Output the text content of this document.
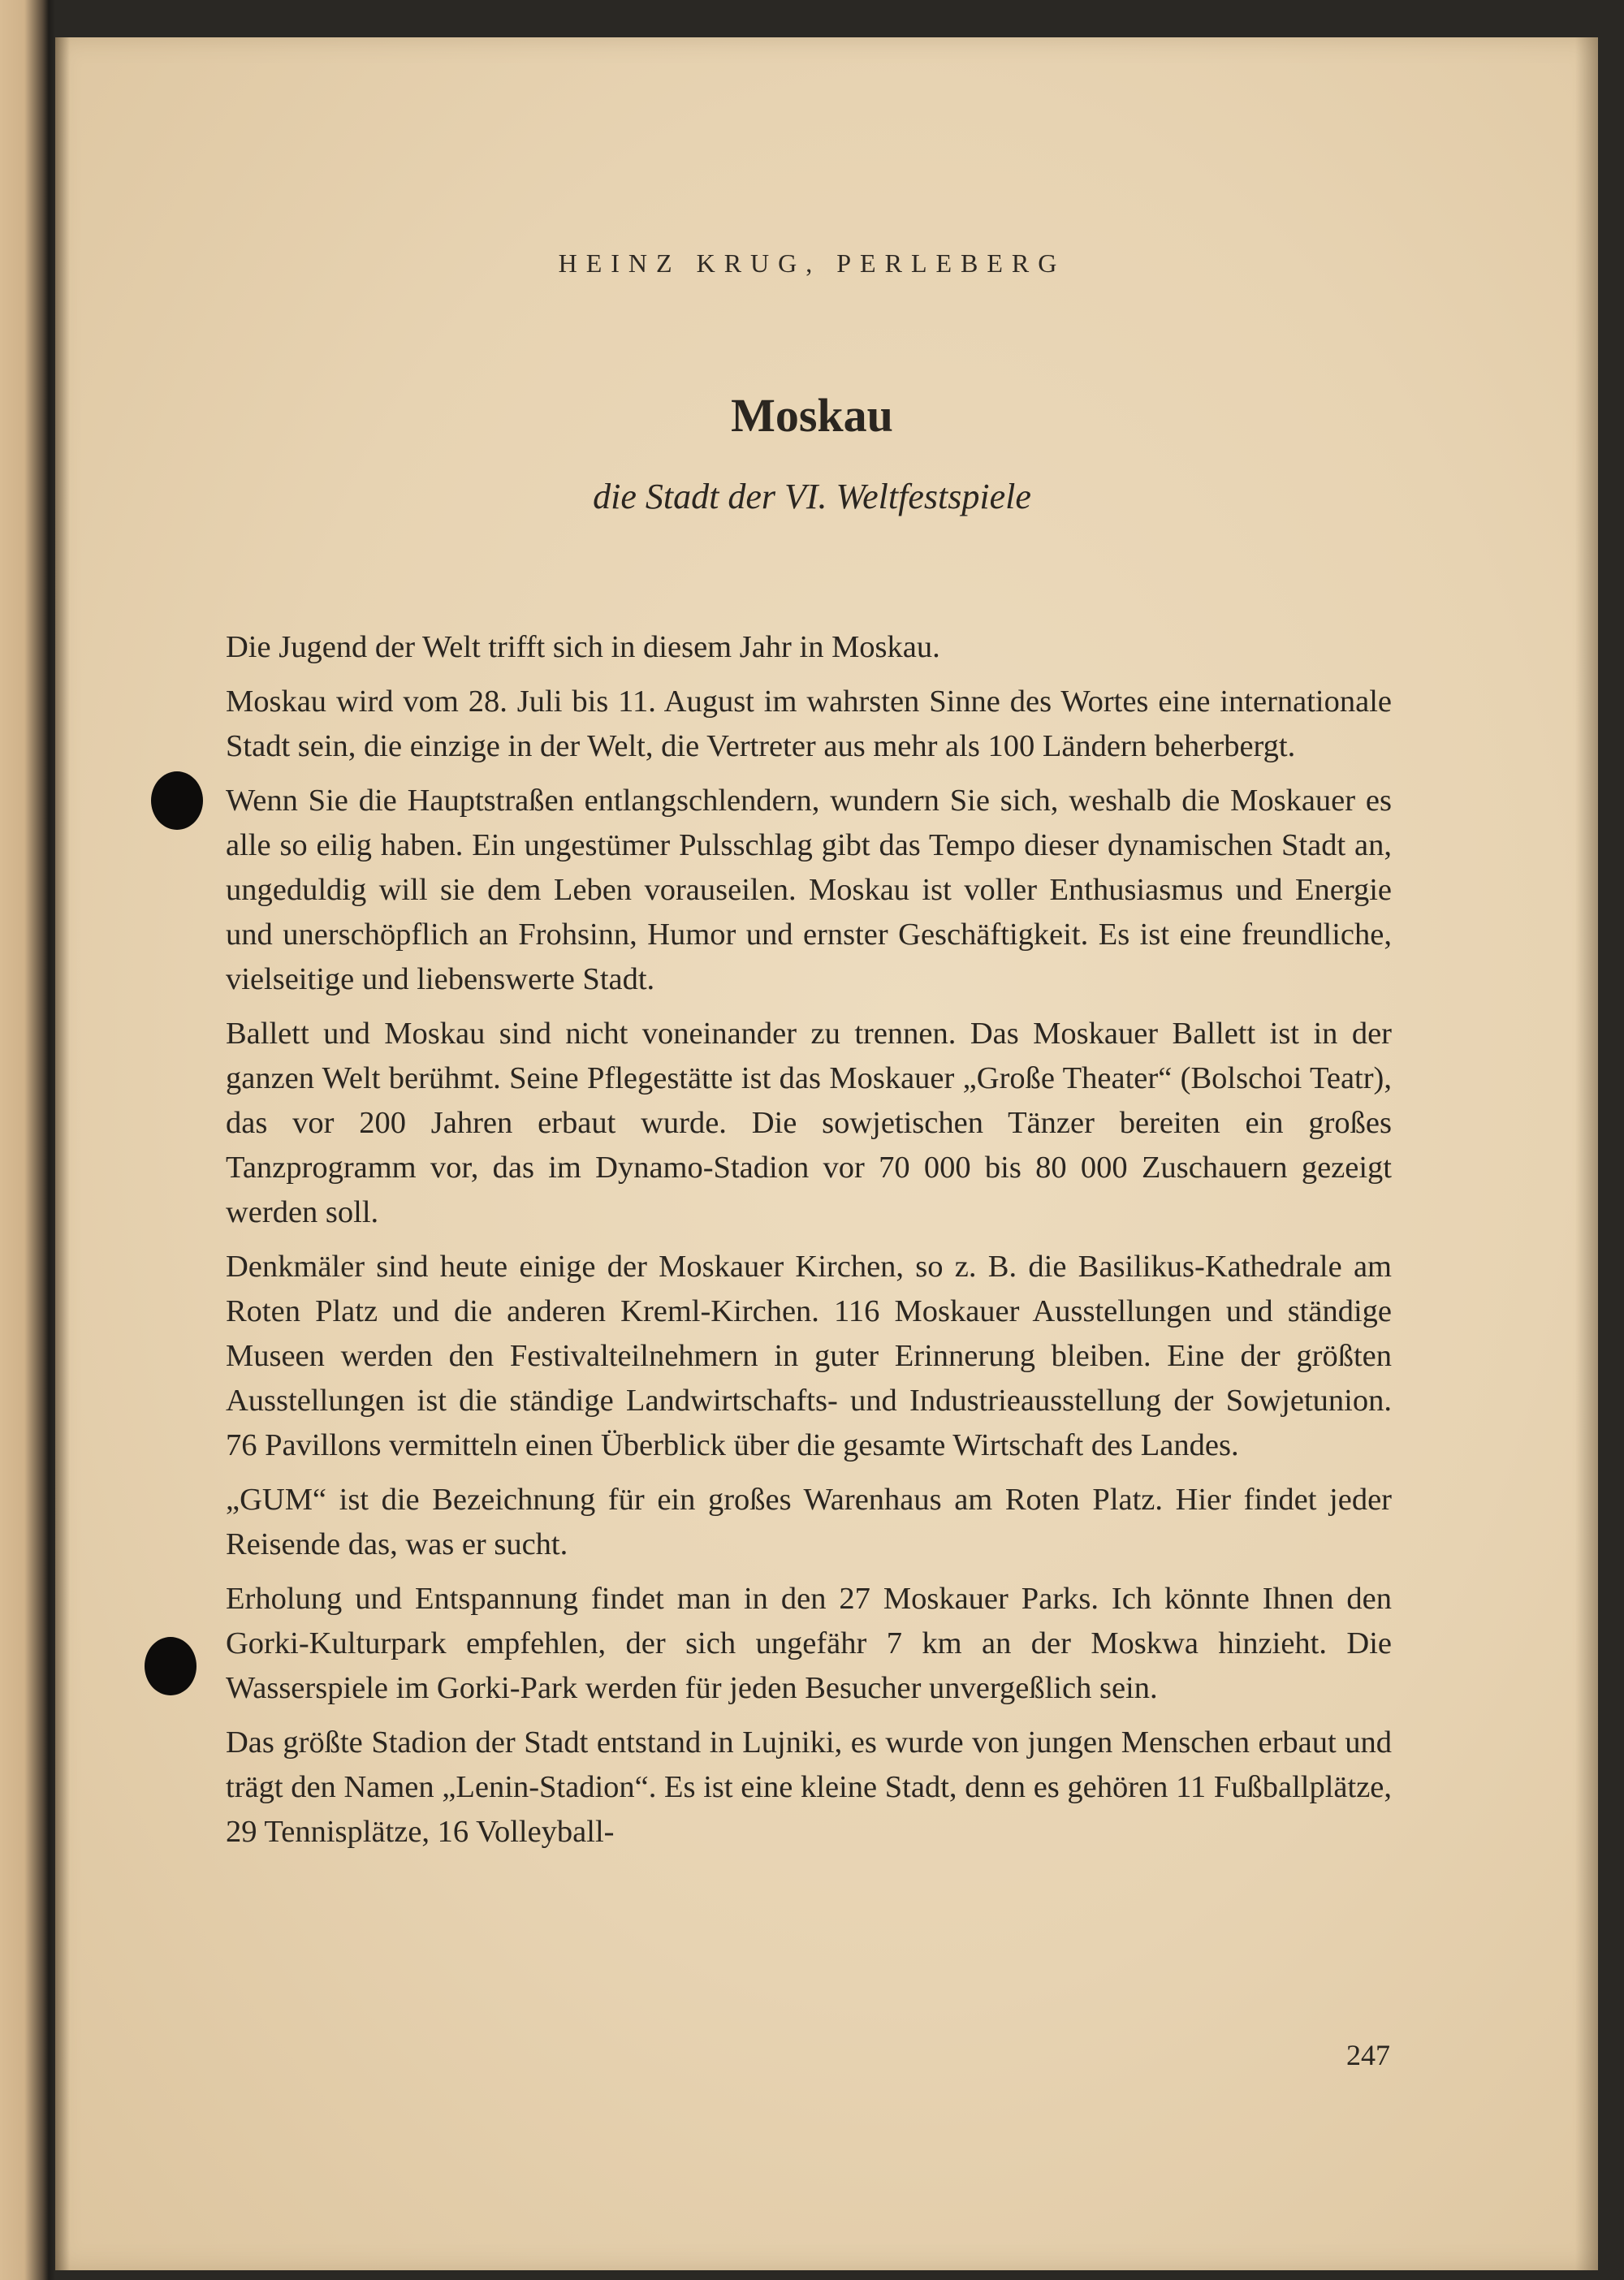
HEINZ KRUG, PERLEBERG
Moskau
die Stadt der VI. Weltfestspiele

Die Jugend der Welt trifft sich in diesem Jahr in Moskau.

Moskau wird vom 28. Juli bis 11. August im wahrsten Sinne des Wortes eine internationale Stadt sein, die einzige in der Welt, die Vertreter aus mehr als 100 Ländern beherbergt.

Wenn Sie die Hauptstraßen entlangschlendern, wundern Sie sich, weshalb die Moskauer es alle so eilig haben. Ein ungestümer Pulsschlag gibt das Tempo dieser dynamischen Stadt an, ungeduldig will sie dem Leben vorauseilen. Moskau ist voller Enthusiasmus und Energie und unerschöpflich an Frohsinn, Humor und ernster Geschäftigkeit. Es ist eine freundliche, vielseitige und liebenswerte Stadt.

Ballett und Moskau sind nicht voneinander zu trennen. Das Moskauer Ballett ist in der ganzen Welt berühmt. Seine Pflegestätte ist das Moskauer „Große Theater“ (Bolschoi Teatr), das vor 200 Jahren erbaut wurde. Die sowjetischen Tänzer bereiten ein großes Tanzprogramm vor, das im Dynamo-Stadion vor 70 000 bis 80 000 Zuschauern gezeigt werden soll.

Denkmäler sind heute einige der Moskauer Kirchen, so z. B. die Basilikus-Kathedrale am Roten Platz und die anderen Kreml-Kirchen. 116 Moskauer Ausstellungen und ständige Museen werden den Festivalteilnehmern in guter Erinnerung bleiben. Eine der größten Ausstellungen ist die ständige Landwirtschafts- und Industrieausstellung der Sowjetunion. 76 Pavillons vermitteln einen Überblick über die gesamte Wirtschaft des Landes.

„GUM“ ist die Bezeichnung für ein großes Warenhaus am Roten Platz. Hier findet jeder Reisende das, was er sucht.

Erholung und Entspannung findet man in den 27 Moskauer Parks. Ich könnte Ihnen den Gorki-Kulturpark empfehlen, der sich ungefähr 7 km an der Moskwa hinzieht. Die Wasserspiele im Gorki-Park werden für jeden Besucher unvergeßlich sein.

Das größte Stadion der Stadt entstand in Lujniki, es wurde von jungen Menschen erbaut und trägt den Namen „Lenin-Stadion“. Es ist eine kleine Stadt, denn es gehören 11 Fußballplätze, 29 Tennisplätze, 16 Volleyball-

247
